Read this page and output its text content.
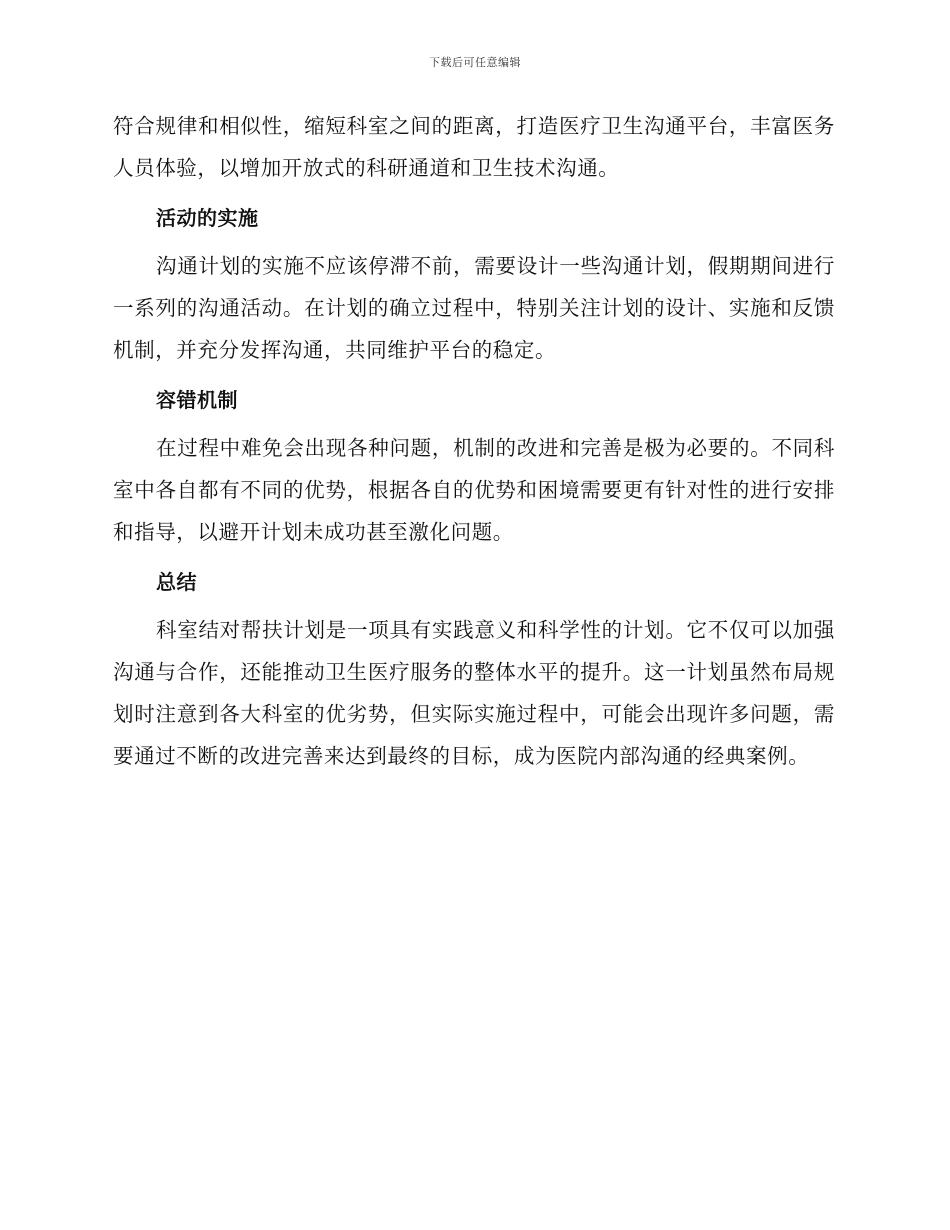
下载后可任意编辑

符合规律和相似性，缩短科室之间的距离，打造医疗卫生沟通平台，丰富医务人员体验，以增加开放式的科研通道和卫生技术沟通。

活动的实施

沟通计划的实施不应该停滞不前，需要设计一些沟通计划，假期期间进行一系列的沟通活动。在计划的确立过程中，特别关注计划的设计、实施和反馈机制，并充分发挥沟通，共同维护平台的稳定。

容错机制

在过程中难免会出现各种问题，机制的改进和完善是极为必要的。不同科室中各自都有不同的优势，根据各自的优势和困境需要更有针对性的进行安排和指导，以避开计划未成功甚至激化问题。

总结

科室结对帮扶计划是一项具有实践意义和科学性的计划。它不仅可以加强沟通与合作，还能推动卫生医疗服务的整体水平的提升。这一计划虽然布局规划时注意到各大科室的优劣势，但实际实施过程中，可能会出现许多问题，需要通过不断的改进完善来达到最终的目标，成为医院内部沟通的经典案例。
